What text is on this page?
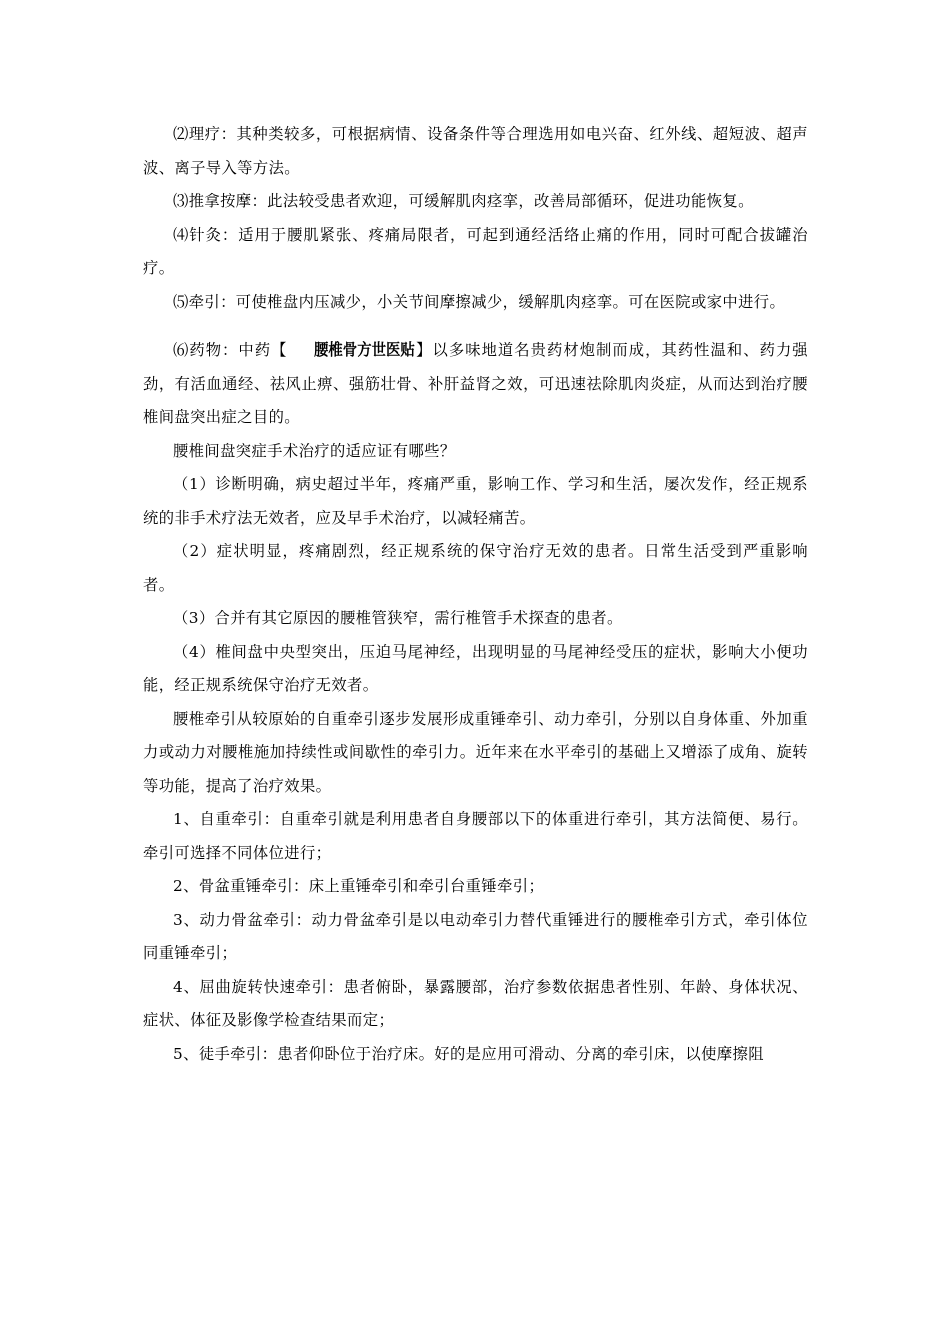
⑵理疗：其种类较多，可根据病情、设备条件等合理选用如电兴奋、红外线、超短波、超声波、离子导入等方法。

⑶推拿按摩：此法较受患者欢迎，可缓解肌肉痉挛，改善局部循环，促进功能恢复。

⑷针灸：适用于腰肌紧张、疼痛局限者，可起到通经活络止痛的作用，同时可配合拔罐治疗。

⑸牵引：可使椎盘内压减少，小关节间摩擦减少，缓解肌肉痉挛。可在医院或家中进行。

⑹药物：中药【 腰椎骨方世医贴】以多味地道名贵药材炮制而成，其药性温和、药力强劲，有活血通经、祛风止痹、强筋壮骨、补肝益肾之效，可迅速祛除肌肉炎症，从而达到治疗腰椎间盘突出症之目的。

腰椎间盘突症手术治疗的适应证有哪些？

（1）诊断明确，病史超过半年，疼痛严重，影响工作、学习和生活，屡次发作，经正规系统的非手术疗法无效者，应及早手术治疗，以减轻痛苦。

（2）症状明显，疼痛剧烈，经正规系统的保守治疗无效的患者。日常生活受到严重影响者。

（3）合并有其它原因的腰椎管狭窄，需行椎管手术探查的患者。

（4）椎间盘中央型突出，压迫马尾神经，出现明显的马尾神经受压的症状，影响大小便功能，经正规系统保守治疗无效者。

腰椎牵引从较原始的自重牵引逐步发展形成重锤牵引、动力牵引，分别以自身体重、外加重力或动力对腰椎施加持续性或间歇性的牵引力。近年来在水平牵引的基础上又增添了成角、旋转等功能，提高了治疗效果。

1、自重牵引：自重牵引就是利用患者自身腰部以下的体重进行牵引，其方法简便、易行。牵引可选择不同体位进行；

2、骨盆重锤牵引：床上重锤牵引和牵引台重锤牵引；

3、动力骨盆牵引：动力骨盆牵引是以电动牵引力替代重锤进行的腰椎牵引方式，牵引体位同重锤牵引；

4、屈曲旋转快速牵引：患者俯卧，暴露腰部，治疗参数依据患者性别、年龄、身体状况、症状、体征及影像学检查结果而定；

5、徒手牵引：患者仰卧位于治疗床。好的是应用可滑动、分离的牵引床，以使摩擦阻
